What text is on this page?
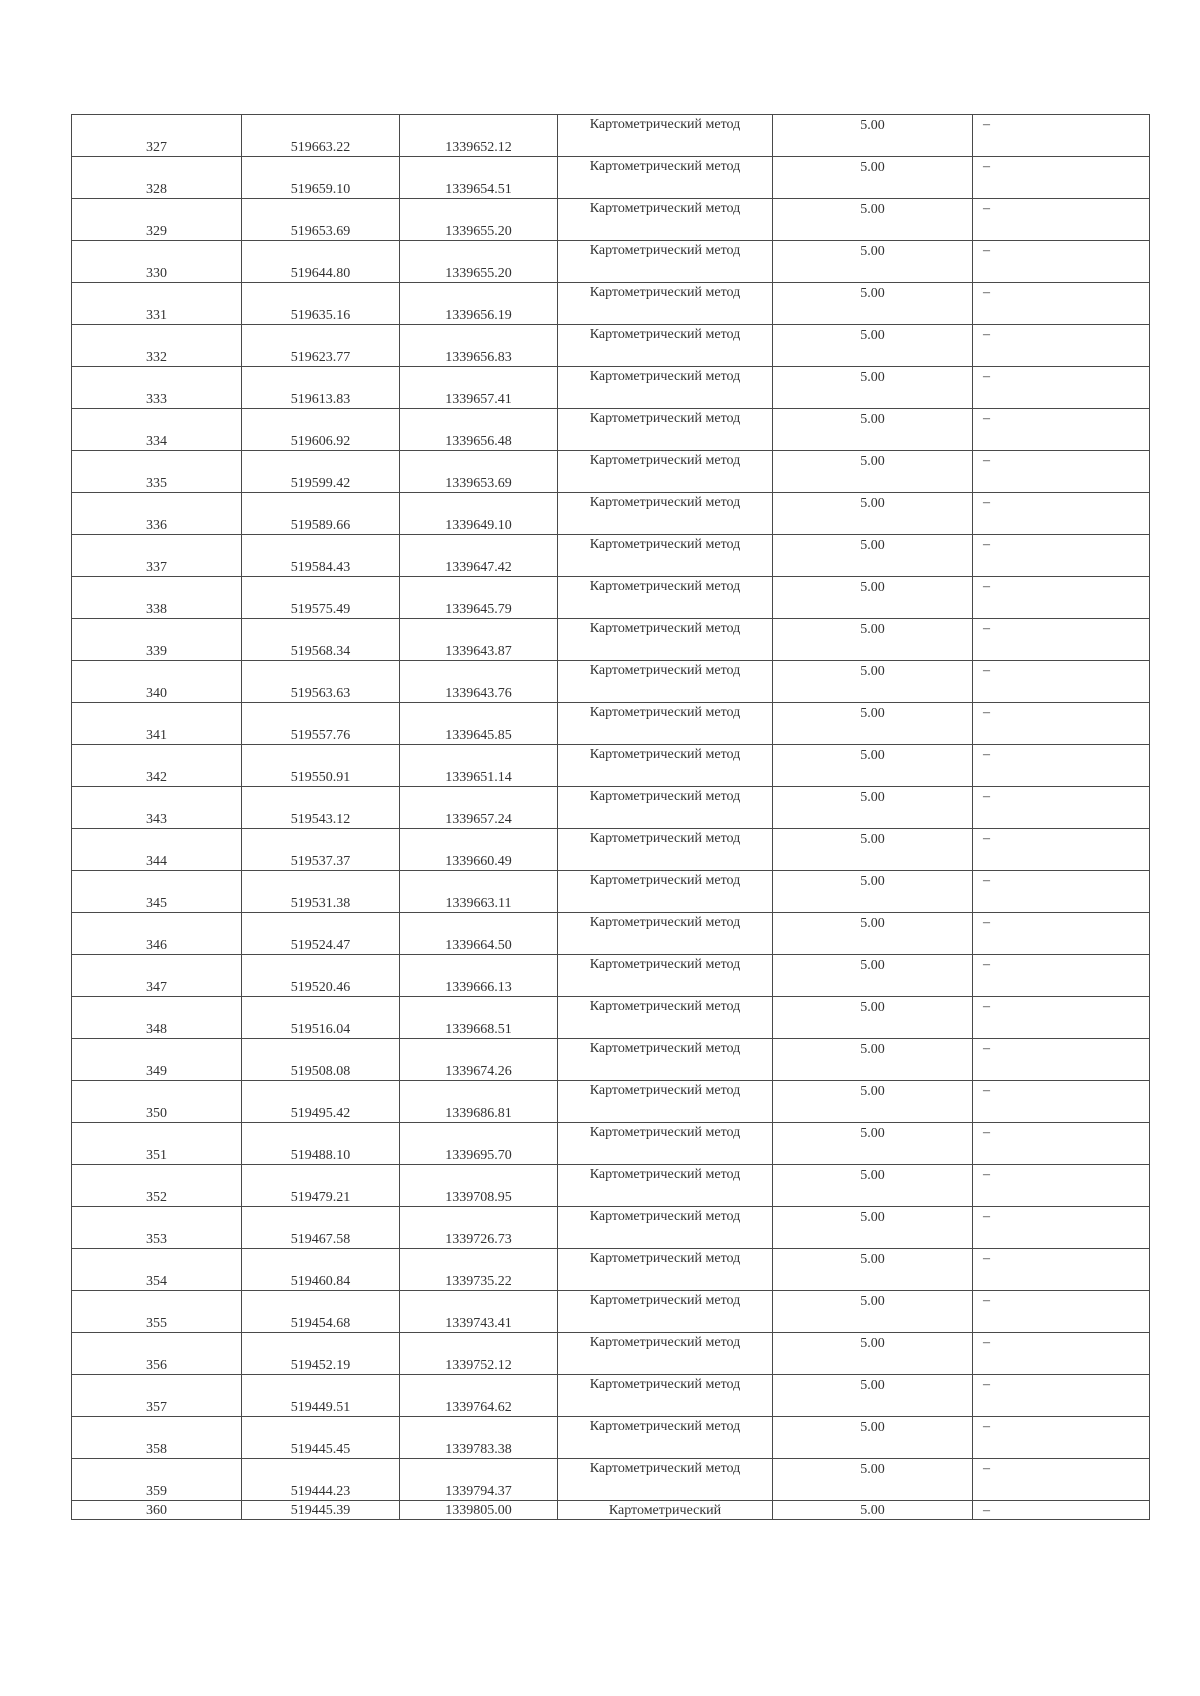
327	519663.22	1339652.12	Картометрический метод	5.00	–

328	519659.10	1339654.51	Картометрический метод	5.00	–

329	519653.69	1339655.20	Картометрический метод	5.00	–

330	519644.80	1339655.20	Картометрический метод	5.00	–

331	519635.16	1339656.19	Картометрический метод	5.00	–

332	519623.77	1339656.83	Картометрический метод	5.00	–

333	519613.83	1339657.41	Картометрический метод	5.00	–

334	519606.92	1339656.48	Картометрический метод	5.00	–

335	519599.42	1339653.69	Картометрический метод	5.00	–

336	519589.66	1339649.10	Картометрический метод	5.00	–

337	519584.43	1339647.42	Картометрический метод	5.00	–

338	519575.49	1339645.79	Картометрический метод	5.00	–

339	519568.34	1339643.87	Картометрический метод	5.00	–

340	519563.63	1339643.76	Картометрический метод	5.00	–

341	519557.76	1339645.85	Картометрический метод	5.00	–

342	519550.91	1339651.14	Картометрический метод	5.00	–

343	519543.12	1339657.24	Картометрический метод	5.00	–

344	519537.37	1339660.49	Картометрический метод	5.00	–

345	519531.38	1339663.11	Картометрический метод	5.00	–

346	519524.47	1339664.50	Картометрический метод	5.00	–

347	519520.46	1339666.13	Картометрический метод	5.00	–

348	519516.04	1339668.51	Картометрический метод	5.00	–

349	519508.08	1339674.26	Картометрический метод	5.00	–

350	519495.42	1339686.81	Картометрический метод	5.00	–

351	519488.10	1339695.70	Картометрический метод	5.00	–

352	519479.21	1339708.95	Картометрический метод	5.00	–

353	519467.58	1339726.73	Картометрический метод	5.00	–

354	519460.84	1339735.22	Картометрический метод	5.00	–

355	519454.68	1339743.41	Картометрический метод	5.00	–

356	519452.19	1339752.12	Картометрический метод	5.00	–

357	519449.51	1339764.62	Картометрический метод	5.00	–

358	519445.45	1339783.38	Картометрический метод	5.00	–

359	519444.23	1339794.37	Картометрический метод	5.00	–

360	519445.39	1339805.00	Картометрический	5.00	–
